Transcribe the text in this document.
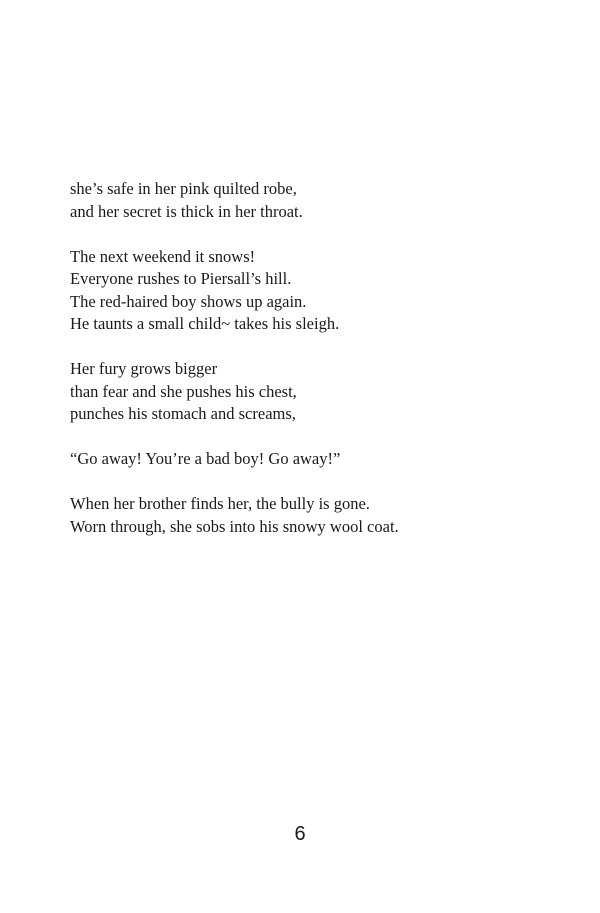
she’s safe in her pink quilted robe,
and her secret is thick in her throat.
The next weekend it snows!
Everyone rushes to Piersall’s hill.
The red-haired boy shows up again.
He taunts a small child~ takes his sleigh.
Her fury grows bigger
than fear and she pushes his chest,
punches his stomach and screams,
“Go away! You’re a bad boy! Go away!”
When her brother finds her, the bully is gone.
Worn through, she sobs into his snowy wool coat.
6
